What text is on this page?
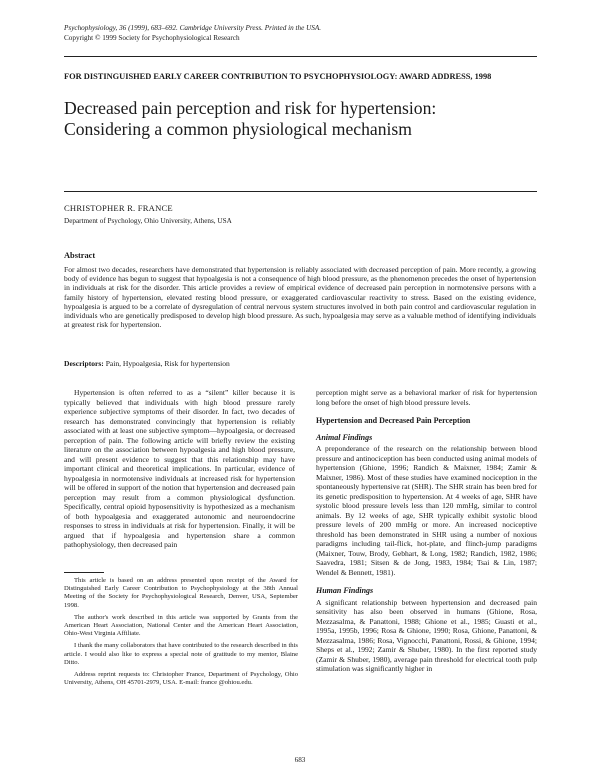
Psychophysiology, 36 (1999), 683–692. Cambridge University Press. Printed in the USA.
Copyright © 1999 Society for Psychophysiological Research
FOR DISTINGUISHED EARLY CAREER CONTRIBUTION TO PSYCHOPHYSIOLOGY: AWARD ADDRESS, 1998
Decreased pain perception and risk for hypertension:
Considering a common physiological mechanism
CHRISTOPHER R. FRANCE
Department of Psychology, Ohio University, Athens, USA
Abstract
For almost two decades, researchers have demonstrated that hypertension is reliably associated with decreased perception of pain. More recently, a growing body of evidence has begun to suggest that hypoalgesia is not a consequence of high blood pressure, as the phenomenon precedes the onset of hypertension in individuals at risk for the disorder. This article provides a review of empirical evidence of decreased pain perception in normotensive persons with a family history of hypertension, elevated resting blood pressure, or exaggerated cardiovascular reactivity to stress. Based on the existing evidence, hypoalgesia is argued to be a correlate of dysregulation of central nervous system structures involved in both pain control and cardiovascular regulation in individuals who are genetically predisposed to develop high blood pressure. As such, hypoalgesia may serve as a valuable method of identifying individuals at greatest risk for hypertension.
Descriptors: Pain, Hypoalgesia, Risk for hypertension

Hypertension is often referred to as a “silent” killer because it is typically believed that individuals with high blood pressure rarely experience subjective symptoms of their disorder. In fact, two decades of research has demonstrated convincingly that hypertension is reliably associated with at least one subjective symptom—hypoalgesia, or decreased perception of pain. The following article will briefly review the existing literature on the association between hypoalgesia and high blood pressure, and will present evidence to suggest that this relationship may have important clinical and theoretical implications. In particular, evidence of hypoalgesia in normotensive individuals at increased risk for hypertension will be offered in support of the notion that hypertension and decreased pain perception may result from a common physiological dysfunction. Specifically, central opioid hyposensitivity is hypothesized as a mechanism of both hypoalgesia and exaggerated autonomic and neuroendocrine responses to stress in individuals at risk for hypertension. Finally, it will be argued that if hypoalgesia and hypertension share a common pathophysiology, then decreased pain

This article is based on an address presented upon receipt of the Award for Distinguished Early Career Contribution to Psychophysiology at the 38th Annual Meeting of the Society for Psychophysiological Research, Denver, USA, September 1998.

The author's work described in this article was supported by Grants from the American Heart Association, National Center and the American Heart Association, Ohio-West Virginia Affiliate.

I thank the many collaborators that have contributed to the research described in this article. I would also like to express a special note of gratitude to my mentor, Blaine Ditto.

Address reprint requests to: Christopher France, Department of Psychology, Ohio University, Athens, OH 45701-2979, USA. E-mail: france @ohiou.edu.

perception might serve as a behavioral marker of risk for hypertension long before the onset of high blood pressure levels.

Hypertension and Decreased Pain Perception
Animal Findings

A preponderance of the research on the relationship between blood pressure and antinociception has been conducted using animal models of hypertension (Ghione, 1996; Randich & Maixner, 1984; Zamir & Maixner, 1986). Most of these studies have examined nociception in the spontaneously hypertensive rat (SHR). The SHR strain has been bred for its genetic predisposition to hypertension. At 4 weeks of age, SHR have systolic blood pressure levels less than 120 mmHg, similar to control animals. By 12 weeks of age, SHR typically exhibit systolic blood pressure levels of 200 mmHg or more. An increased nociceptive threshold has been demonstrated in SHR using a number of noxious paradigms including tail-flick, hot-plate, and flinch-jump paradigms (Maixner, Touw, Brody, Gebhart, & Long, 1982; Randich, 1982, 1986; Saavedra, 1981; Sitsen & de Jong, 1983, 1984; Tsai & Lin, 1987; Wendel & Bennett, 1981).

Human Findings

A significant relationship between hypertension and decreased pain sensitivity has also been observed in humans (Ghione, Rosa, Mezzasalma, & Panattoni, 1988; Ghione et al., 1985; Guasti et al., 1995a, 1995b, 1996; Rosa & Ghione, 1990; Rosa, Ghione, Panattoni, & Mezzasalma, 1986; Rosa, Vignocchi, Panattoni, Rossi, & Ghione, 1994; Sheps et al., 1992; Zamir & Shuber, 1980). In the first reported study (Zamir & Shuber, 1980), average pain threshold for electrical tooth pulp stimulation was significantly higher in

683
